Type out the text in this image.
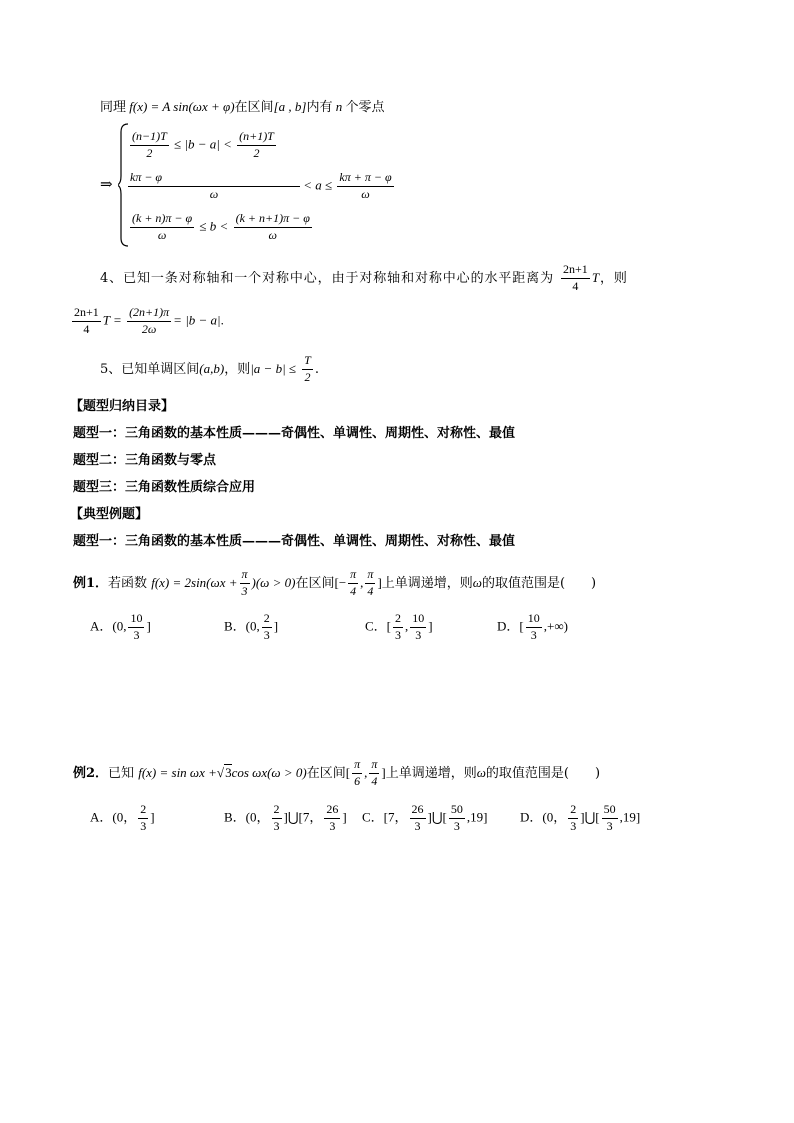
同理 f(x) = A sin(ωx + φ)在区间[a , b]内有 n 个零点
⇒
$\frac{(n-1)T}{2} \le |b - a| < \frac{(n+1)T}{2}$
$\frac{k\pi - \varphi}{\omega} < a \le \frac{k\pi + \pi - \varphi}{\omega}$
$\frac{(k + n)\pi - \varphi}{\omega} \le b < \frac{(k + n+1)\pi - \varphi}{\omega}$
4、已知一条对称轴和一个对称中心，由于对称轴和对称中心的水平距离为 $\frac{2n+1}{4}$ T，则
$\frac{2n+1}{4}$ $T = \frac{(2n+1)\pi}{2\omega} = |b - a|$.
5、已知单调区间(a,b)，则$|a - b| \le \frac{T}{2}$ .
【题型归纳目录】
题型一：三角函数的基本性质———奇偶性、单调性、周期性、对称性、最值
题型二：三角函数与零点
题型三：三角函数性质综合应用
【典型例题】
题型一：三角函数的基本性质———奇偶性、单调性、周期性、对称性、最值
例1．若函数 $f(x) = 2\sin(\omega x + \frac{\pi}{3} )(\omega > 0)$在区间[− $\frac{\pi}{4}$ , $\frac{\pi}{4}$ ]上单调递增，则ω的取值范围是(　　)
A．(0, $\frac{10}{3}$ ]	B．(0, $\frac{2}{3}$ ]	C．[ $\frac{2}{3}$ , $\frac{10}{3}$ ]	D．[ $\frac{10}{3}$ ,+∞)
例2．已知 f(x) = sin ωx +√3cos ωx(ω > 0)在区间[ $\frac{\pi}{6}$ , $\frac{\pi}{4}$ ]上单调递增，则ω的取值范围是(　　)
A．(0， $\frac{2}{3}$ ]	B．(0， $\frac{2}{3}$ ]⋃[7， $\frac{26}{3}$ ] C．[7， $\frac{26}{3}$ ]⋃[ $\frac{50}{3} ,19$]	D．(0， $\frac{2}{3}$ ]⋃[ $\frac{50}{3} ,19$]
